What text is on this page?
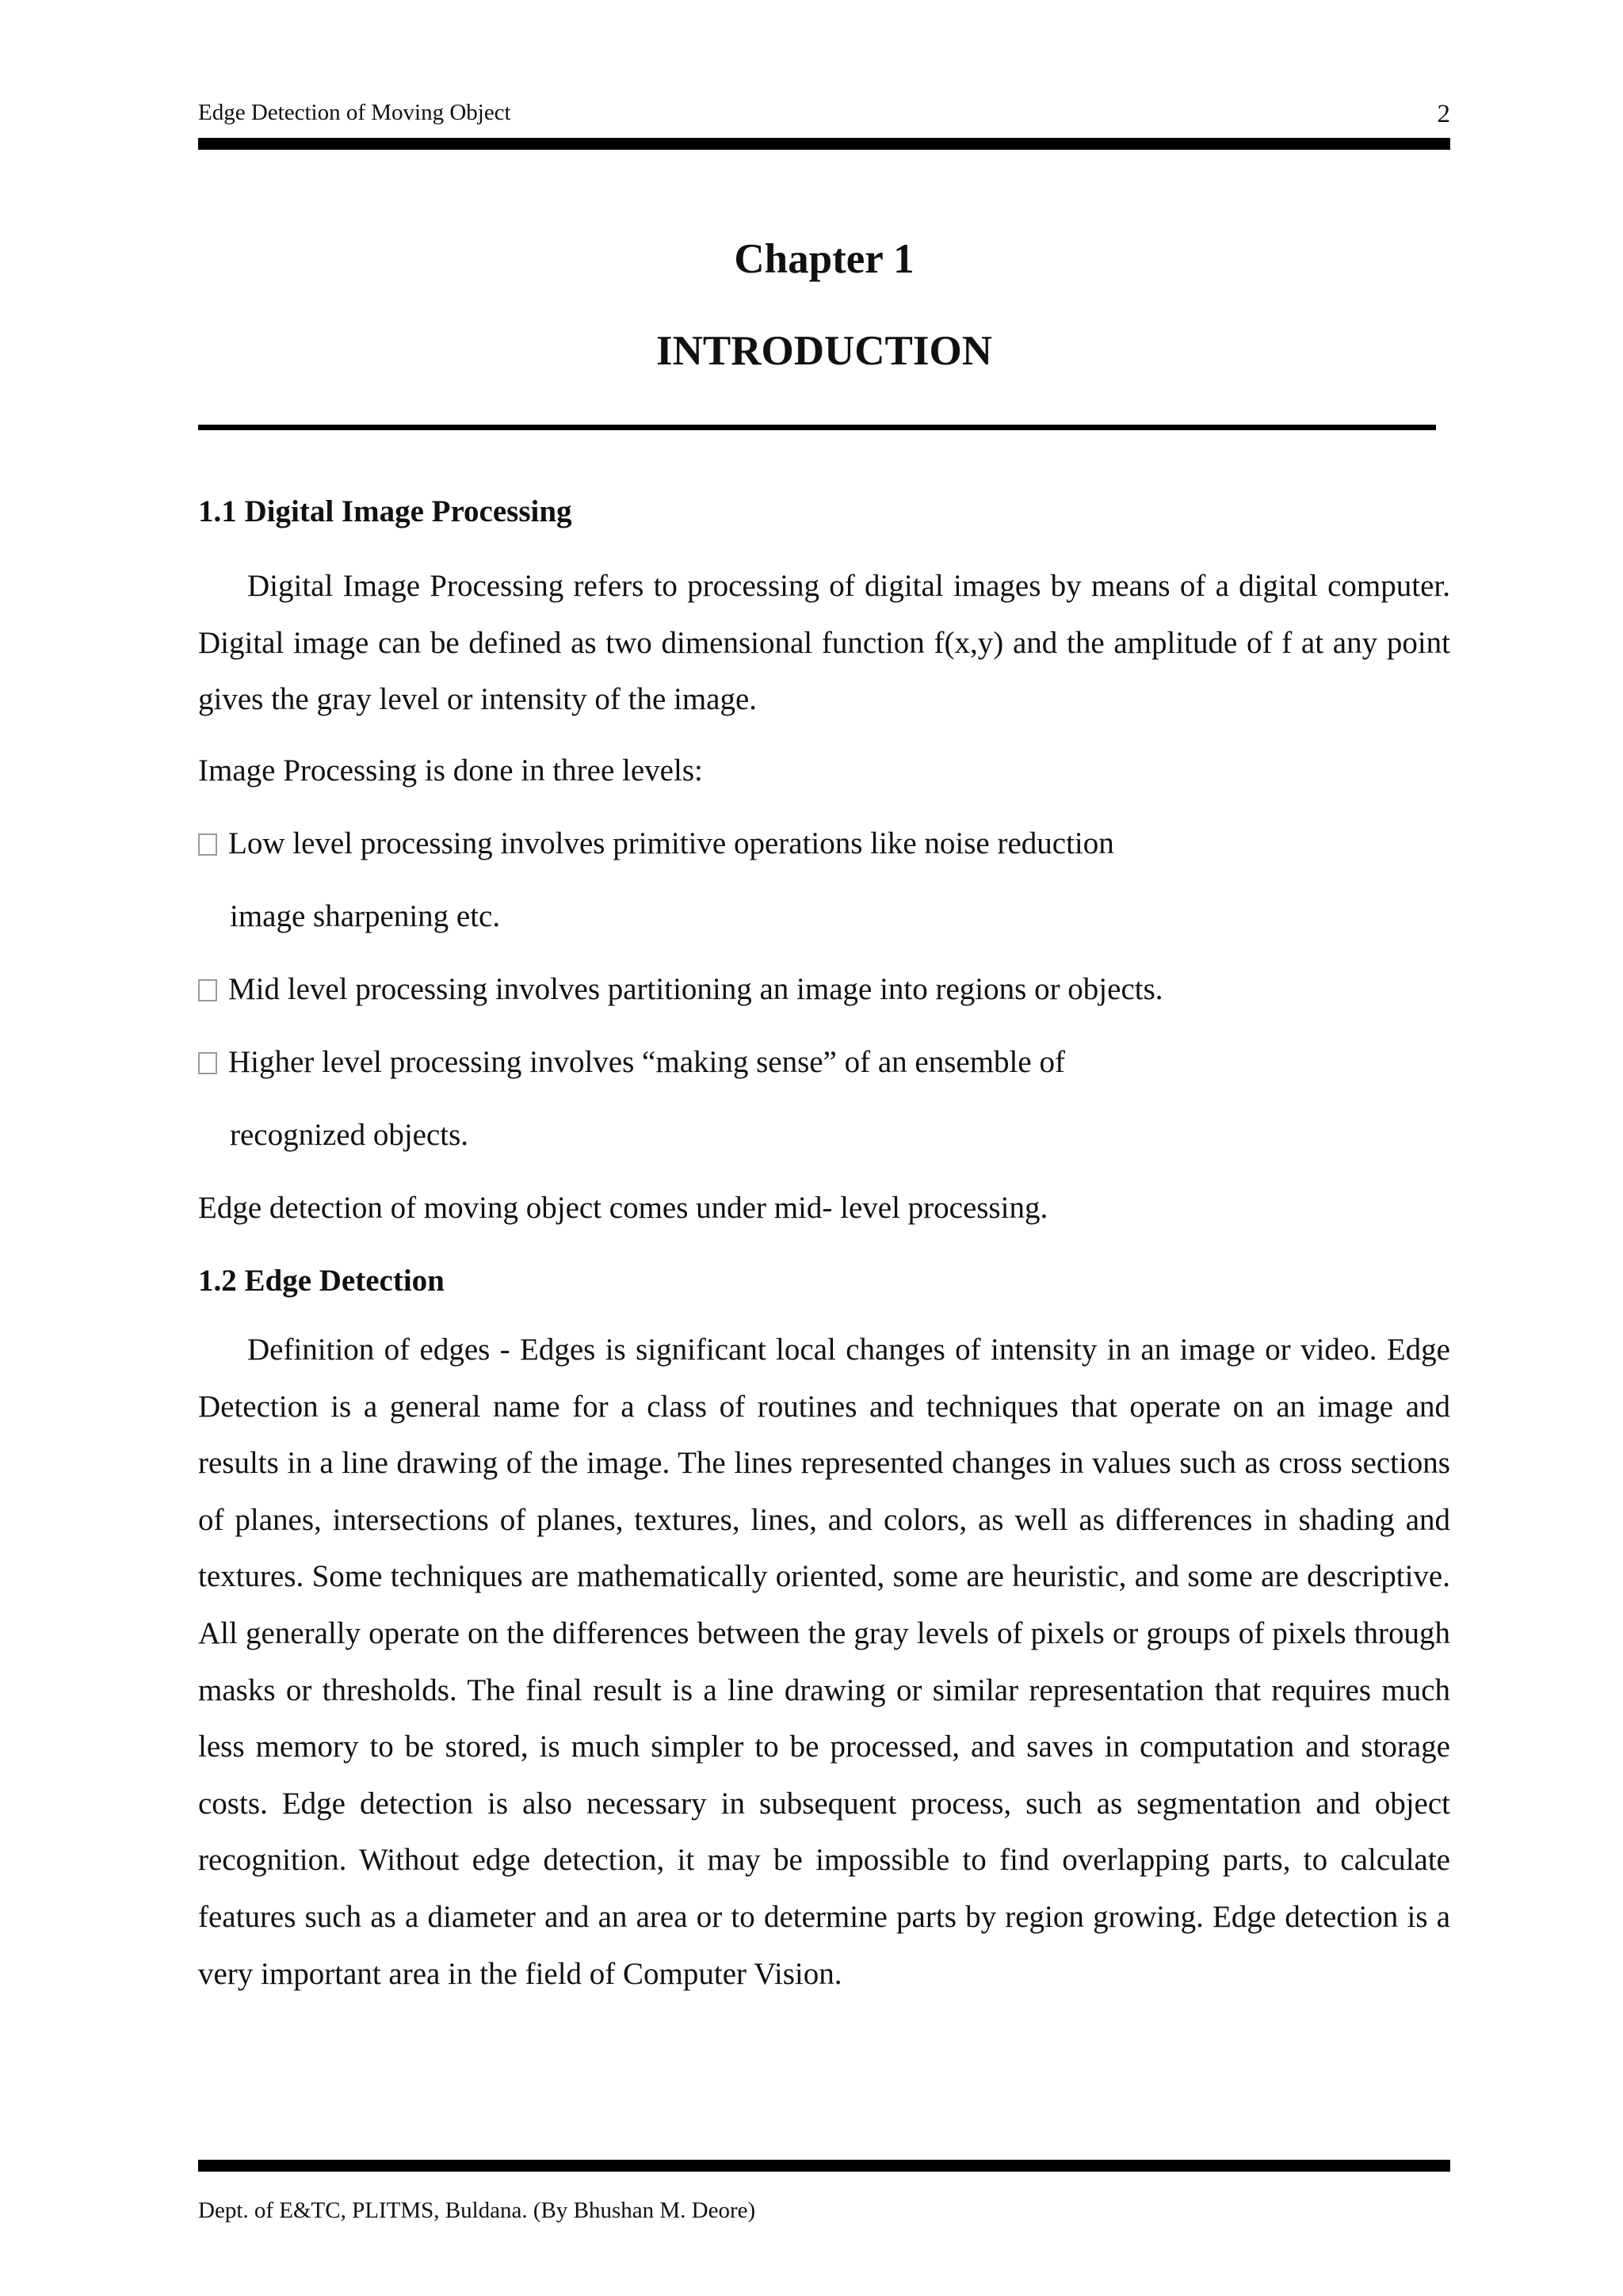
Edge Detection of Moving Object	2
Chapter 1
INTRODUCTION
1.1 Digital Image Processing

Digital Image Processing refers to processing of digital images by means of a digital computer. Digital image can be defined as two dimensional function f(x,y) and the amplitude of f at any point gives the gray level or intensity of the image.

Image Processing is done in three levels:
Low level processing involves primitive operations like noise reduction
image sharpening etc.
Mid level processing involves partitioning an image into regions or objects.
Higher level processing involves “making sense” of an ensemble of
recognized objects.
Edge detection of moving object comes under mid- level processing.
1.2 Edge Detection

Definition of edges - Edges is significant local changes of intensity in an image or video. Edge Detection is a general name for a class of routines and techniques that operate on an image and results in a line drawing of the image. The lines represented changes in values such as cross sections of planes, intersections of planes, textures, lines, and colors, as well as differences in shading and textures. Some techniques are mathematically oriented, some are heuristic, and some are descriptive. All generally operate on the differences between the gray levels of pixels or groups of pixels through masks or thresholds. The final result is a line drawing or similar representation that requires much less memory to be stored, is much simpler to be processed, and saves in computation and storage costs. Edge detection is also necessary in subsequent process, such as segmentation and object recognition. Without edge detection, it may be impossible to find overlapping parts, to calculate features such as a diameter and an area or to determine parts by region growing. Edge detection is a very important area in the field of Computer Vision.

Dept. of E&TC, PLITMS, Buldana. (By Bhushan M. Deore)
